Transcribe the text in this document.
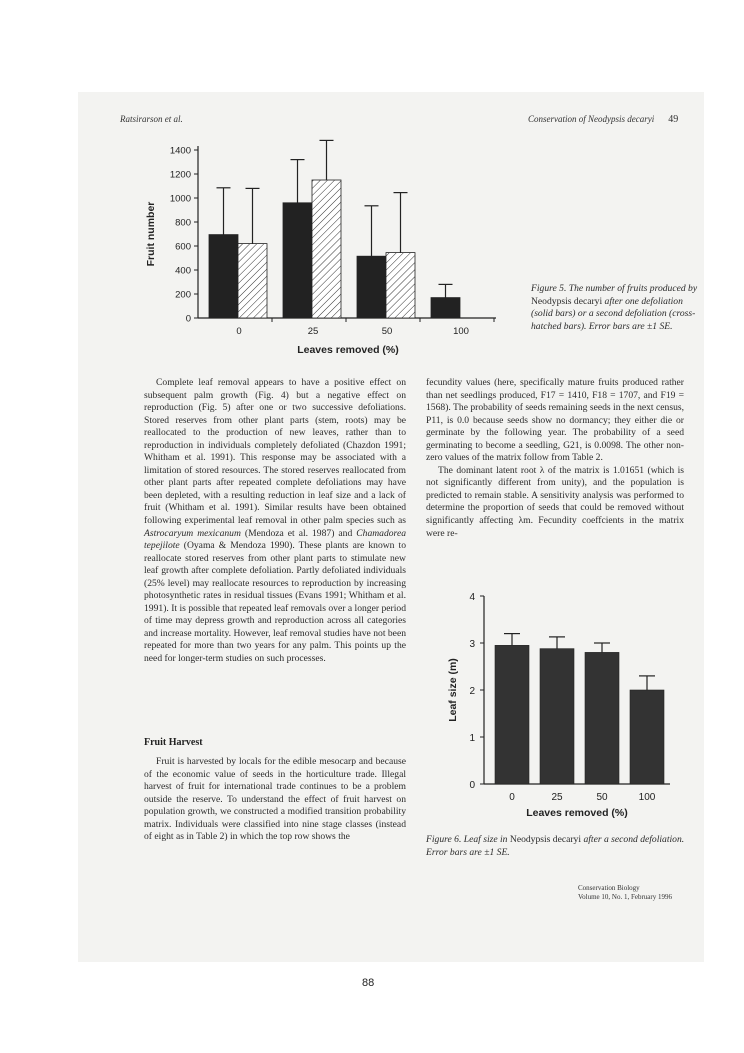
Ratsirarson et al.	Conservation of Neodypsis decaryi 49
0
200
400
600
800
1000
1200
1400
0	25	50	100
Leaves removed (%)
Fruit number
Figure 5. The number of fruits produced by Neodypsis decaryi after one defoliation (solid bars) or a second defoliation (cross-hatched bars). Error bars are ±1 SE.

Complete leaf removal appears to have a positive effect on subsequent palm growth (Fig. 4) but a negative effect on reproduction (Fig. 5) after one or two successive defoliations. Stored reserves from other plant parts (stem, roots) may be reallocated to the production of new leaves, rather than to reproduction in individuals completely defoliated (Chazdon 1991; Whitham et al. 1991). This response may be associated with a limitation of stored resources. The stored reserves reallocated from other plant parts after repeated complete defoliations may have been depleted, with a resulting reduction in leaf size and a lack of fruit (Whitham et al. 1991). Similar results have been obtained following experimental leaf removal in other palm species such as Astrocaryum mexicanum (Mendoza et al. 1987) and Chamadorea tepejilote (Oyama & Mendoza 1990). These plants are known to reallocate stored reserves from other plant parts to stimulate new leaf growth after complete defoliation. Partly defoliated individuals (25% level) may reallocate resources to reproduction by increasing photosynthetic rates in residual tissues (Evans 1991; Whitham et al. 1991). It is possible that repeated leaf removals over a longer period of time may depress growth and reproduction across all categories and increase mortality. However, leaf removal studies have not been repeated for more than two years for any palm. This points up the need for longer-term studies on such processes.

Fruit Harvest

Fruit is harvested by locals for the edible mesocarp and because of the economic value of seeds in the horticulture trade. Illegal harvest of fruit for international trade continues to be a problem outside the reserve. To understand the effect of fruit harvest on population growth, we constructed a modified transition probability matrix. Individuals were classified into nine stage classes (instead of eight as in Table 2) in which the top row shows the

fecundity values (here, specifically mature fruits produced rather than net seedlings produced, F17 = 1410, F18 = 1707, and F19 = 1568). The probability of seeds remaining seeds in the next census, P11, is 0.0 because seeds show no dormancy; they either die or germinate by the following year. The probability of a seed germinating to become a seedling, G21, is 0.0098. The other non-zero values of the matrix follow from Table 2.

The dominant latent root λ of the matrix is 1.01651 (which is not significantly different from unity), and the population is predicted to remain stable. A sensitivity analysis was performed to determine the proportion of seeds that could be removed without significantly affecting λm. Fecundity coeffcients in the matrix were re-

0
1
2
3
4
0	25	50	100
Leaves removed (%)
Leaf size (m)
Figure 6. Leaf size in Neodypsis decaryi after a second defoliation. Error bars are ±1 SE.
Conservation Biology
Volume 10, No. 1, February 1996
88
